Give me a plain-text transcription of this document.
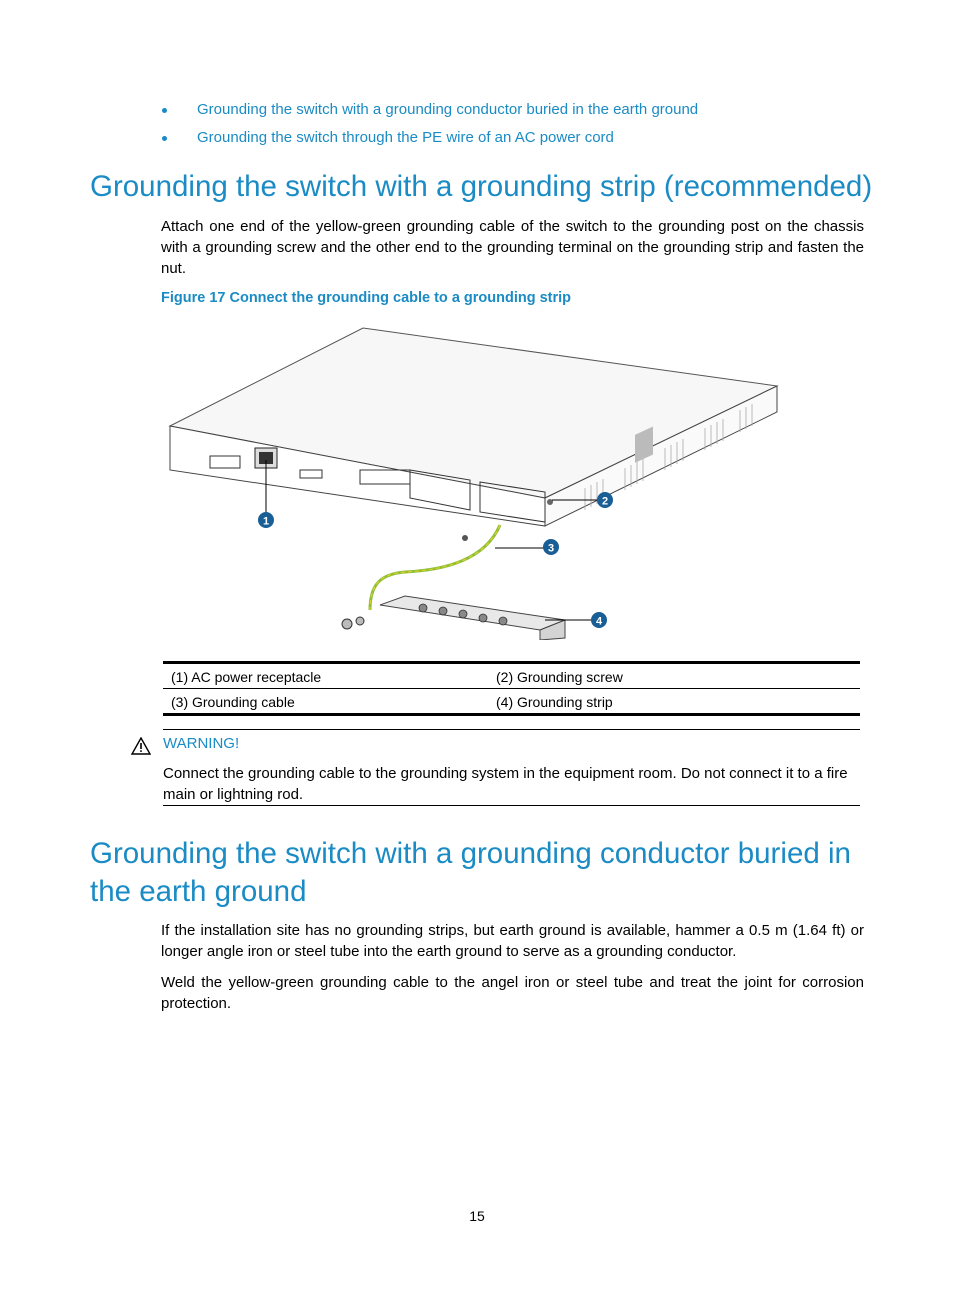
Grounding the switch with a grounding conductor buried in the earth ground
Grounding the switch through the PE wire of an AC power cord
Grounding the switch with a grounding strip (recommended)

Attach one end of the yellow-green grounding cable of the switch to the grounding post on the chassis with a grounding screw and the other end to the grounding terminal on the grounding strip and fasten the nut.

Figure 17 Connect the grounding cable to a grounding strip
1
2
3
4
(1) AC power receptacle	(2) Grounding screw
(3) Grounding cable	(4) Grounding strip
WARNING!
Connect the grounding cable to the grounding system in the equipment room. Do not connect it to a fire main or lightning rod.
Grounding the switch with a grounding conductor buried in the earth ground

If the installation site has no grounding strips, but earth ground is available, hammer a 0.5 m (1.64 ft) or longer angle iron or steel tube into the earth ground to serve as a grounding conductor.

Weld the yellow-green grounding cable to the angel iron or steel tube and treat the joint for corrosion protection.

15
